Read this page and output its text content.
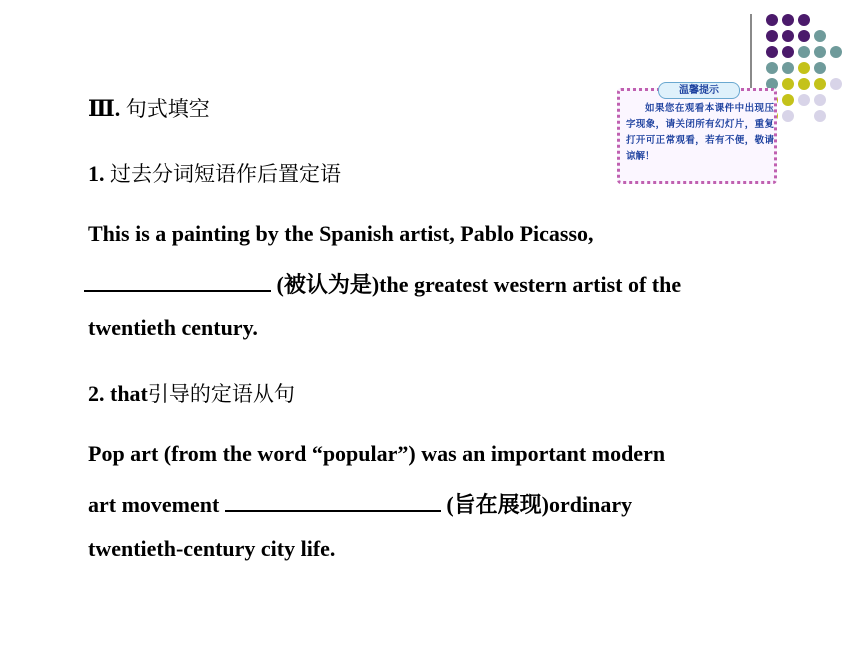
温馨提示
如果您在观看本课件中出现压字现象，请关闭所有幻灯片，重复打开可正常观看，若有不便，敬请谅解！
Ⅲ. 句式填空
1. 过去分词短语作后置定语
This is a painting by the Spanish artist, Pablo Picasso,
(被认为是)the greatest western artist of the
twentieth century.
2. that引导的定语从句
Pop art (from the word “popular”) was an important modern
art movement	(旨在展现)ordinary
twentieth-century city life.
